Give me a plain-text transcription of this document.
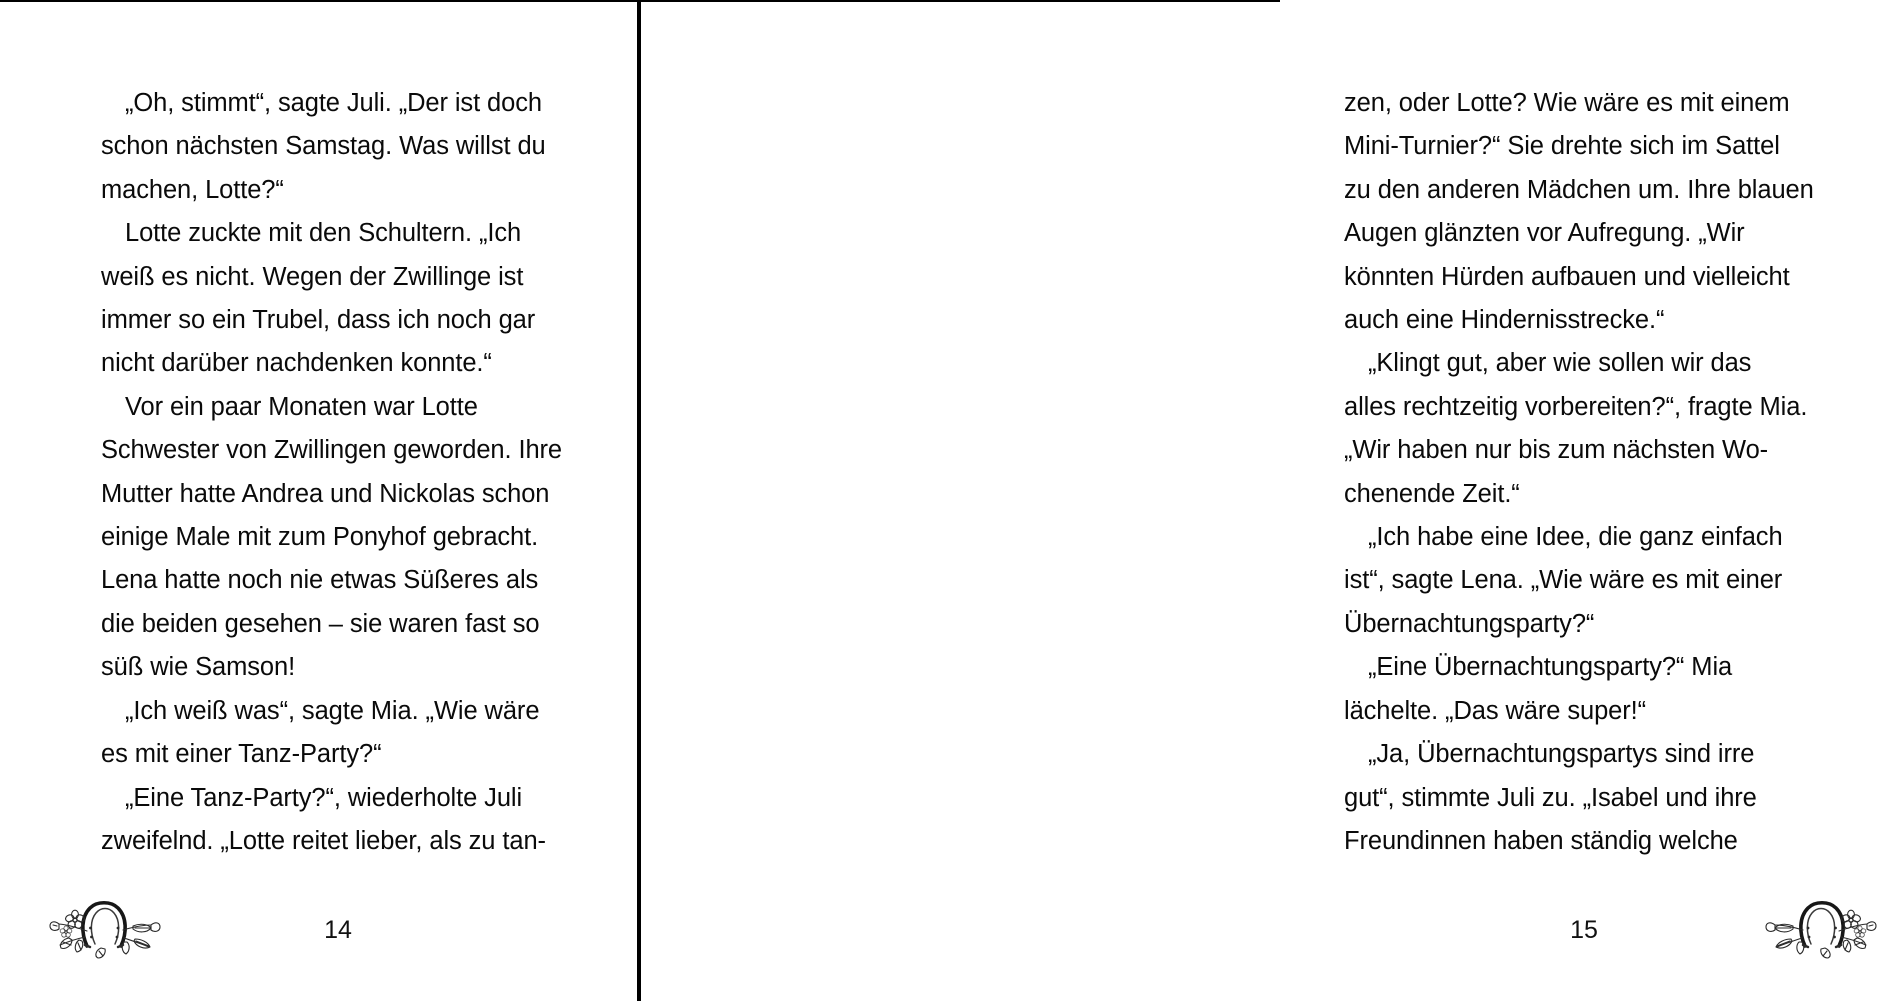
„Oh, stimmt“, sagte Juli. „Der ist doch
schon nächsten Samstag. Was willst du
machen, Lotte?“

Lotte zuckte mit den Schultern. „Ich
weiß es nicht. Wegen der Zwillinge ist
immer so ein Trubel, dass ich noch gar
nicht darüber nachdenken konnte.“

Vor ein paar Monaten war Lotte
Schwester von Zwillingen geworden. Ihre
Mutter hatte Andrea und Nickolas schon
einige Male mit zum Ponyhof gebracht.
Lena hatte noch nie etwas Süßeres als
die beiden gesehen – sie waren fast so
süß wie Samson!

„Ich weiß was“, sagte Mia. „Wie wäre
es mit einer Tanz-Party?“

„Eine Tanz-Party?“, wiederholte Juli
zweifelnd. „Lotte reitet lieber, als zu tan-

14

zen, oder Lotte? Wie wäre es mit einem
Mini-Turnier?“ Sie drehte sich im Sattel
zu den anderen Mädchen um. Ihre blauen
Augen glänzten vor Aufregung. „Wir
könnten Hürden aufbauen und vielleicht
auch eine Hindernisstrecke.“

„Klingt gut, aber wie sollen wir das
alles rechtzeitig vorbereiten?“, fragte Mia.
„Wir haben nur bis zum nächsten Wo-
chenende Zeit.“

„Ich habe eine Idee, die ganz einfach
ist“, sagte Lena. „Wie wäre es mit einer
Übernachtungsparty?“

„Eine Übernachtungsparty?“ Mia
lächelte. „Das wäre super!“

„Ja, Übernachtungspartys sind irre
gut“, stimmte Juli zu. „Isabel und ihre
Freundinnen haben ständig welche

15
